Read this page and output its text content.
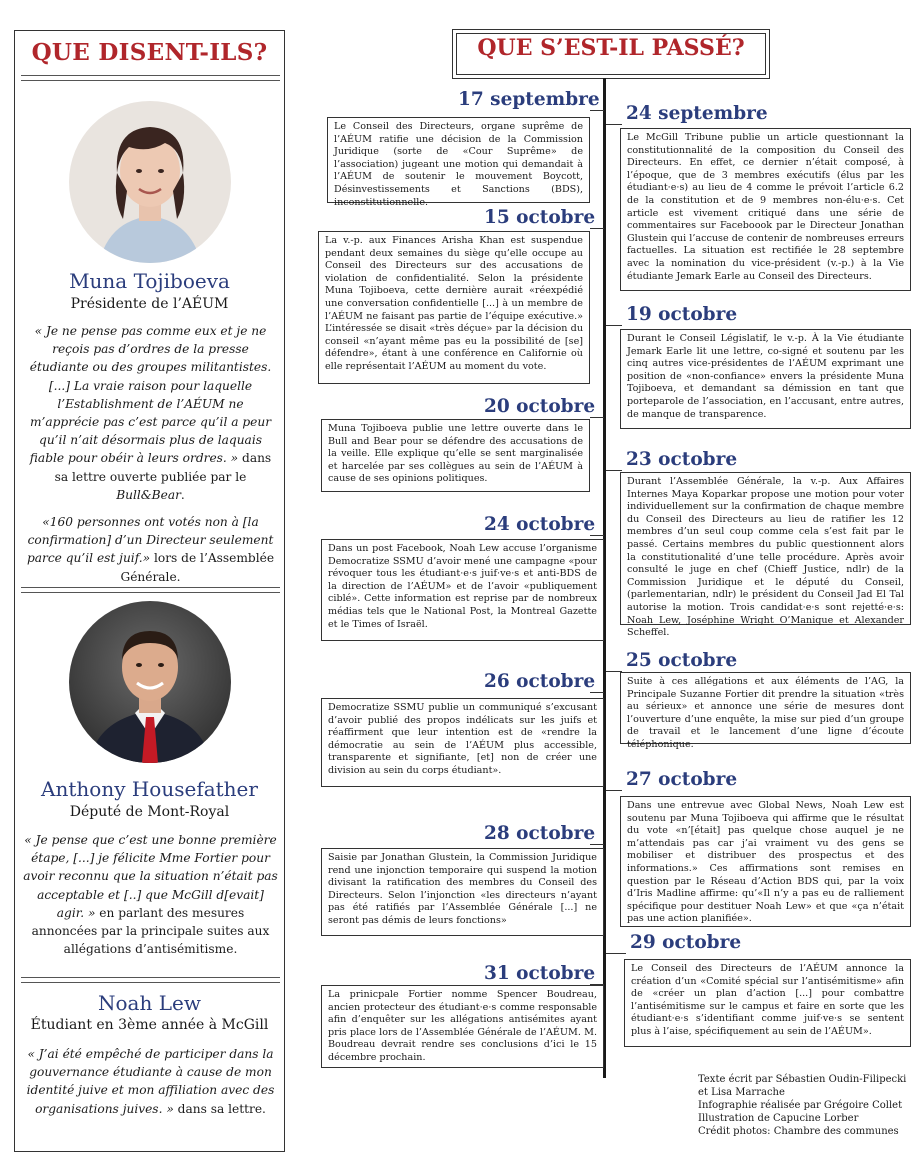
QUE DISENT-ILS?
Muna Tojiboeva
Présidente de l’AÉUM
« Je ne pense pas comme eux et je ne reçois pas d’ordres de la presse étudiante ou des groupes militantistes. [...] La vraie raison pour laquelle l’Establishment de l’AÉUM ne m’apprécie pas c’est parce qu’il a peur qu’il n’ait désormais plus de laquais fiable pour obéir à leurs ordres. » dans sa lettre ouverte publiée par le Bull&Bear.
«160 personnes ont votés non à [la confirmation] d’un Directeur seulement parce qu’il est juif.» lors de l’Assemblée Générale.
Anthony Housefather
Député de Mont-Royal
« Je pense que c’est une bonne première étape, [...] je félicite Mme Fortier pour avoir reconnu que la situation n’était pas acceptable et [..] que McGill d[evait] agir. » en parlant des mesures annoncées par la principale suites aux allégations d’antisémitisme.
Noah Lew
Étudiant en 3ème année à McGill
« J’ai été empêché de participer dans la gouvernance étudiante à cause de mon identité juive et mon affiliation avec des organisations juives. » dans sa lettre.
QUE S’EST-IL PASSÉ?
17 septembre
Le Conseil des Directeurs, organe suprême de l’AÉUM ratifie une décision de la Commission Juridique (sorte de «Cour Suprême» de l’association) jugeant une motion qui demandait à l’AÉUM de soutenir le mouvement Boycott, Désinvestissements et Sanctions (BDS), inconstitutionnelle.
15 octobre
La v.-p. aux Finances Arisha Khan est suspendue pendant deux semaines du siège qu’elle occupe au Conseil des Directeurs sur des accusations de violation de confidentialité. Selon la présidente Muna Tojiboeva, cette dernière aurait «réexpédié une conversation confidentielle [...] à un membre de l’AÉUM ne faisant pas partie de l’équipe exécutive.» L’intéressée se disait «très déçue» par la décision du conseil «n’ayant même pas eu la possibilité de [se] défendre», étant à une conférence en Californie où elle représentait l’AÉUM au moment du vote.
20 octobre
Muna Tojiboeva publie une lettre ouverte dans le Bull and Bear pour se défendre des accusations de la veille. Elle explique qu’elle se sent marginalisée et harcelée par ses collègues au sein de l’AÉUM à cause de ses opinions politiques.
24 octobre
Dans un post Facebook, Noah Lew accuse l’organisme Democratize SSMU d’avoir mené une campagne «pour révoquer tous les étudiant·e·s juif·ve·s et anti-BDS de la direction de l’AÉUM» et de l’avoir «publiquement ciblé». Cette information est reprise par de nombreux médias tels que le National Post, la Montreal Gazette et le Times of Israël.
26 octobre
Democratize SSMU publie un communiqué s’excusant d’avoir publié des propos indélicats sur les juifs et réaffirment que leur intention est de «rendre la démocratie au sein de l’AÉUM plus accessible, transparente et signifiante, [et] non de créer une division au sein du corps étudiant».
28 octobre
Saisie par Jonathan Glustein, la Commission Juridique rend une injonction temporaire qui suspend la motion divisant la ratification des membres du Conseil des Directeurs. Selon l’injonction «les directeurs n’ayant pas été ratifiés par l’Assemblée Générale [...] ne seront pas démis de leurs fonctions»
31 octobre
La prinicpale Fortier nomme Spencer Boudreau, ancien protecteur des étudiant·e·s comme responsable afin d’enquêter sur les allégations antisémites ayant pris place lors de l’Assemblée Générale de l’AÉUM. M. Boudreau devrait rendre ses conclusions d’ici le 15 décembre prochain.
24 septembre
Le McGill Tribune publie un article questionnant la constitutionnalité de la composition du Conseil des Directeurs. En effet, ce dernier n’était composé, à l’époque, que de 3 membres exécutifs (élus par les étudiant·e·s) au lieu de 4 comme le prévoit l’article 6.2 de la constitution et de 9 membres non-élu·e·s. Cet article est vivement critiqué dans une série de commentaires sur Faceboook par le Directeur Jonathan Glustein qui l’accuse de contenir de nombreuses erreurs factuelles. La situation est rectifiée le 28 septembre avec la nomination du vice-président (v.-p.) à la Vie étudiante Jemark Earle au Conseil des Directeurs.
19 octobre
Durant le Conseil Législatif, le v.-p. À la Vie étudiante Jemark Earle lit une lettre, co-signé et soutenu par les cinq autres vice-présidentes de l’AÉUM exprimant une position de «non-confiance» envers la présidente Muna Tojiboeva, et demandant sa démission en tant que porteparole de l’association, en l’accusant, entre autres, de manque de transparence.
23 octobre
Durant l’Assemblée Générale, la v.-p. Aux Affaires Internes Maya Koparkar propose une motion pour voter individuellement sur la confirmation de chaque membre du Conseil des Directeurs au lieu de ratifier les 12 membres d’un seul coup comme cela s’est fait par le passé. Certains membres du public questionnent alors la constitutionalité d’une telle procédure. Après avoir consulté le juge en chef (Chieff Justice, ndlr) de la Commission Juridique et le député du Conseil, (parlementarian, ndlr) le président du Conseil Jad El Tal autorise la motion. Trois candidat·e·s sont rejetté·e·s: Noah Lew, Joséphine Wright O’Manique et Alexander Scheffel.
25 octobre
Suite à ces allégations et aux éléments de l’AG, la Principale Suzanne Fortier dit prendre la situation «très au sérieux» et annonce une série de mesures dont l’ouverture d’une enquête, la mise sur pied d’un groupe de travail et le lancement d’une ligne d’écoute téléphonique.
27 octobre
Dans une entrevue avec Global News, Noah Lew est soutenu par Muna Tojiboeva qui affirme que le résultat du vote «n’[était] pas quelque chose auquel je ne m’attendais pas car j’ai vraiment vu des gens se mobiliser et distribuer des prospectus et des informations.» Ces affirmations sont remises en question par le Réseau d’Action BDS qui, par la voix d’Iris Madline affirme: qu’«Il n’y a pas eu de ralliement spécifique pour destituer Noah Lew» et que «ça n’était pas une action planifiée».
29 octobre
Le Conseil des Directeurs de l’AÉUM annonce la création d’un «Comité spécial sur l’antisémitisme» afin de «créer un plan d’action [...] pour combattre l’antisémitisme sur le campus et faire en sorte que les étudiant·e·s s’identifiant comme juif·ve·s se sentent plus à l’aise, spécifiquement au sein de l’AÉUM».
Texte écrit par Sébastien Oudin-Filipecki
et Lisa Marrache
Infographie réalisée par Grégoire Collet
Illustration de Capucine Lorber
Crédit photos: Chambre des communes
